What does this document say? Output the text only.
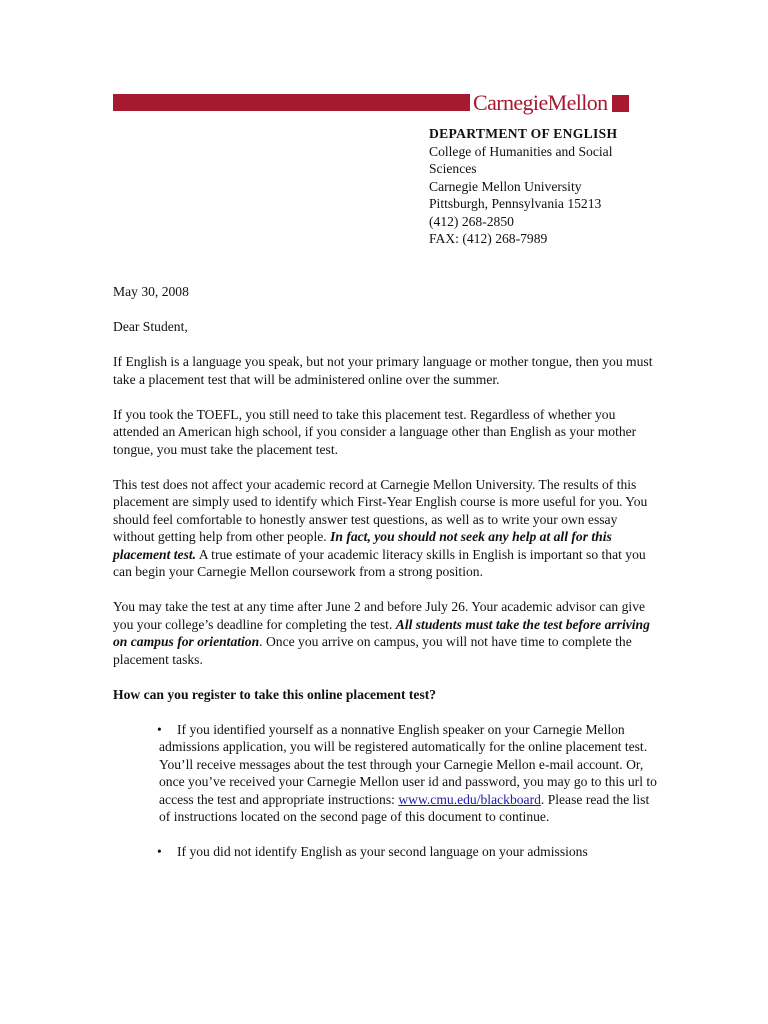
CarnegieMellon
DEPARTMENT OF ENGLISH
College of Humanities and Social Sciences
Carnegie Mellon University
Pittsburgh, Pennsylvania 15213
(412) 268-2850
FAX: (412) 268-7989

May 30, 2008

Dear Student,

If English is a language you speak, but not your primary language or mother tongue, then you must take a placement test that will be administered online over the summer.

If you took the TOEFL, you still need to take this placement test. Regardless of whether you attended an American high school, if you consider a language other than English as your mother tongue, you must take the placement test.

This test does not affect your academic record at Carnegie Mellon University. The results of this placement are simply used to identify which First-Year English course is more useful for you. You should feel comfortable to honestly answer test questions, as well as to write your own essay without getting help from other people. In fact, you should not seek any help at all for this placement test. A true estimate of your academic literacy skills in English is important so that you can begin your Carnegie Mellon coursework from a strong position.

You may take the test at any time after June 2 and before July 26. Your academic advisor can give you your college’s deadline for completing the test. All students must take the test before arriving on campus for orientation. Once you arrive on campus, you will not have time to complete the placement tasks.

How can you register to take this online placement test?
• If you identified yourself as a nonnative English speaker on your Carnegie Mellon admissions application, you will be registered automatically for the online placement test. You’ll receive messages about the test through your Carnegie Mellon e-mail account. Or, once you’ve received your Carnegie Mellon user id and password, you may go to this url to access the test and appropriate instructions: www.cmu.edu/blackboard. Please read the list of instructions located on the second page of this document to continue.
• If you did not identify English as your second language on your admissions
